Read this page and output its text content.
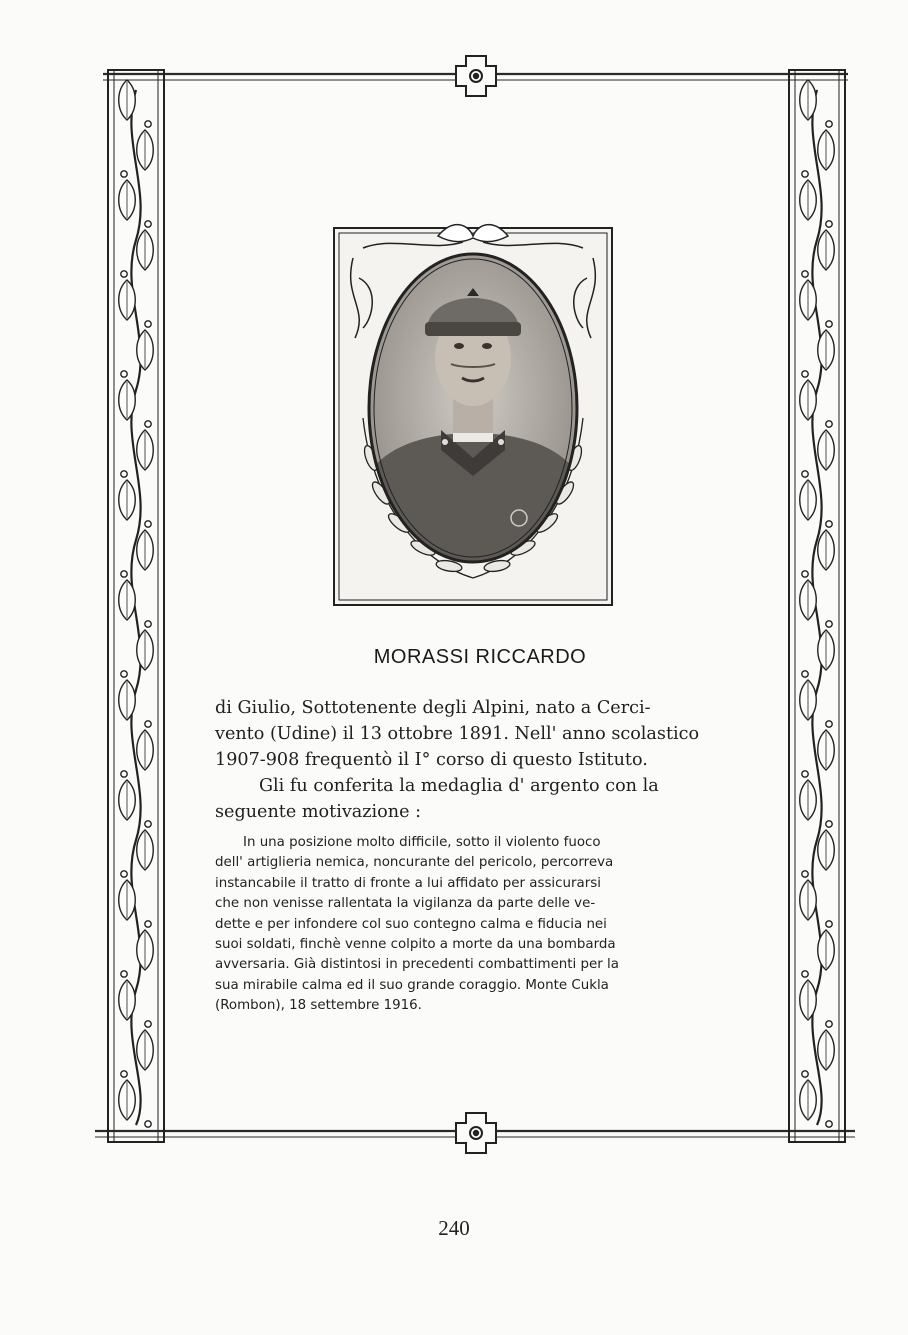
MORASSI RICCARDO
di Giulio, Sottotenente degli Alpini, nato a Cerci-
vento (Udine) il 13 ottobre 1891. Nell' anno scolastico
1907-908 frequentò il I° corso di questo Istituto.
Gli fu conferita la medaglia d' argento con la
seguente motivazione :
In una posizione molto difficile, sotto il violento fuoco
dell' artiglieria nemica, noncurante del pericolo, percorreva
instancabile il tratto di fronte a lui affidato per assicurarsi
che non venisse rallentata la vigilanza da parte delle ve-
dette e per infondere col suo contegno calma e fiducia nei
suoi soldati, finchè venne colpito a morte da una bombarda
avversaria. Già distintosi in precedenti combattimenti per la
sua mirabile calma ed il suo grande coraggio. Monte Cukla
(Rombon), 18 settembre 1916.
240
